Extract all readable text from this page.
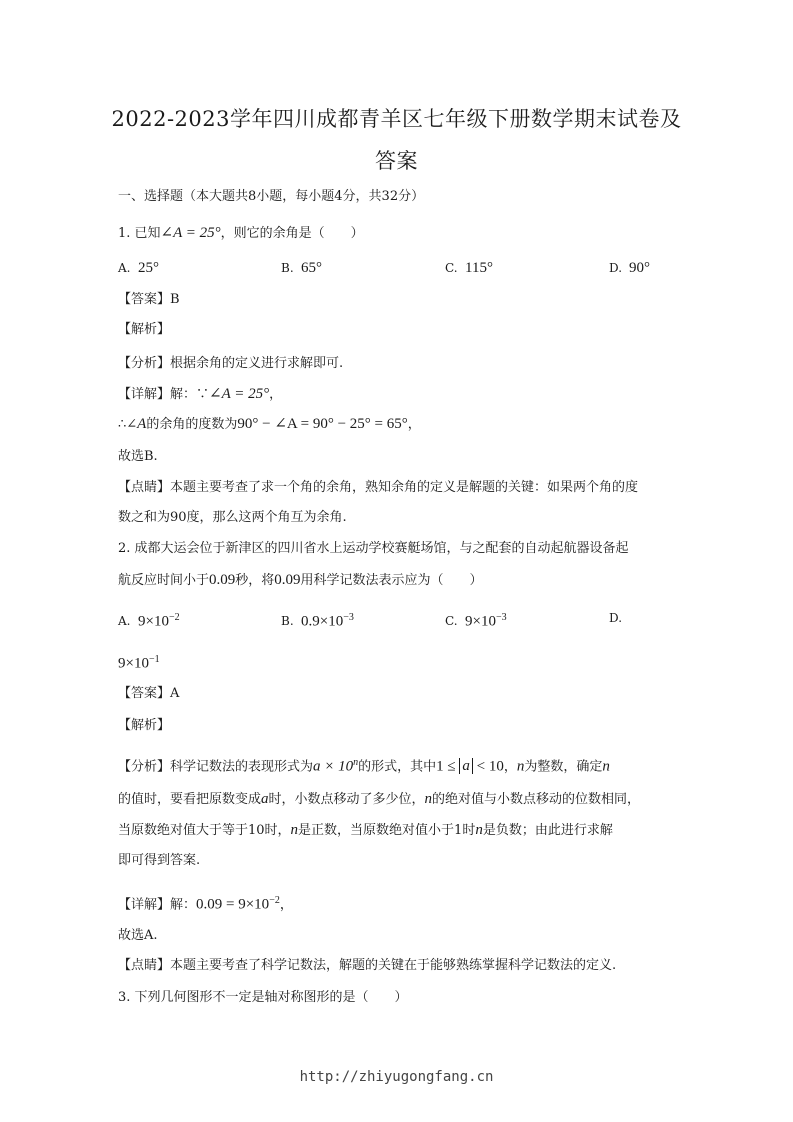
2022-2023学年四川成都青羊区七年级下册数学期末试卷及
答案
一、选择题（本大题共8小题，每小题4分，共32分）
1. 已知∠A = 25°，则它的余角是（　　）
A. 25°	B. 65°	C. 115°	D. 90°
【答案】B
【解析】
【分析】根据余角的定义进行求解即可.
【详解】解：∵∠A = 25°，
∴∠A的余角的度数为90° − ∠A = 90° − 25° = 65°，
故选B.
【点睛】本题主要考查了求一个角的余角，熟知余角的定义是解题的关键：如果两个角的度
数之和为90度，那么这两个角互为余角.
2. 成都大运会位于新津区的四川省水上运动学校赛艇场馆，与之配套的自动起航器设备起
航反应时间小于0.09秒，将0.09用科学记数法表示应为（　　）
A. $9\times 10^{-2}$	B. $0.9\times 10^{-3}$	C. $9\times 10^{-3}$	D.
$9\times 10^{-1}$
【答案】A
【解析】
【分析】科学记数法的表现形式为$a \times 10^n$的形式，其中1 ≤ a < 10，n为整数，确定n
的值时，要看把原数变成a时，小数点移动了多少位，n的绝对值与小数点移动的位数相同，
当原数绝对值大于等于10时，n是正数，当原数绝对值小于1时n是负数；由此进行求解
即可得到答案.
【详解】解：$0.09 = 9\times 10^{-2}$，
故选A.
【点睛】本题主要考查了科学记数法，解题的关键在于能够熟练掌握科学记数法的定义.
3. 下列几何图形不一定是轴对称图形的是（　　）
http://zhiyugongfang.cn
